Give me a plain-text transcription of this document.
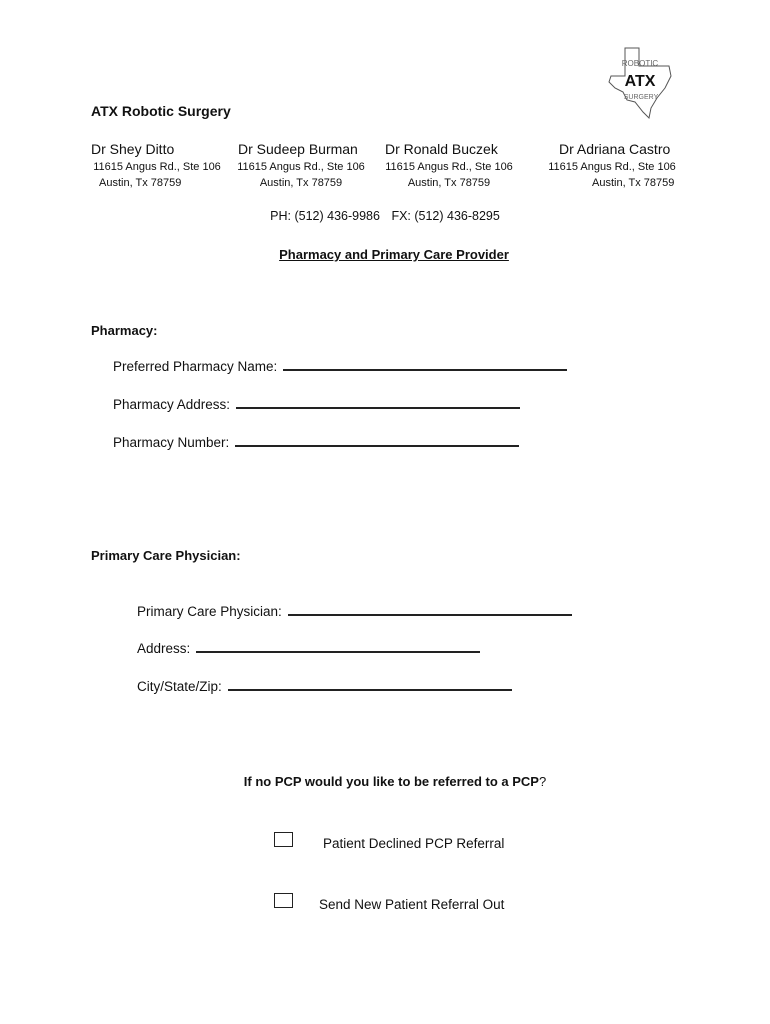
ROBOTIC
ATX
SURGERY
ATX Robotic Surgery
Dr Shey Ditto	Dr Sudeep Burman Dr Ronald Buczek	Dr Adriana Castro
11615 Angus Rd., Ste 106
Austin, Tx 78759
11615 Angus Rd., Ste 106
Austin, Tx 78759
11615 Angus Rd., Ste 106
Austin, Tx 78759
11615 Angus Rd., Ste 106
Austin, Tx 78759
PH: (512) 436-9986 FX: (512) 436-8295
Pharmacy and Primary Care Provider
Pharmacy:
Preferred Pharmacy Name:
Pharmacy Address:
Pharmacy Number:
Primary Care Physician:
Primary Care Physician:
Address:
City/State/Zip:
If no PCP would you like to be referred to a PCP?
Patient Declined PCP Referral
Send New Patient Referral Out
